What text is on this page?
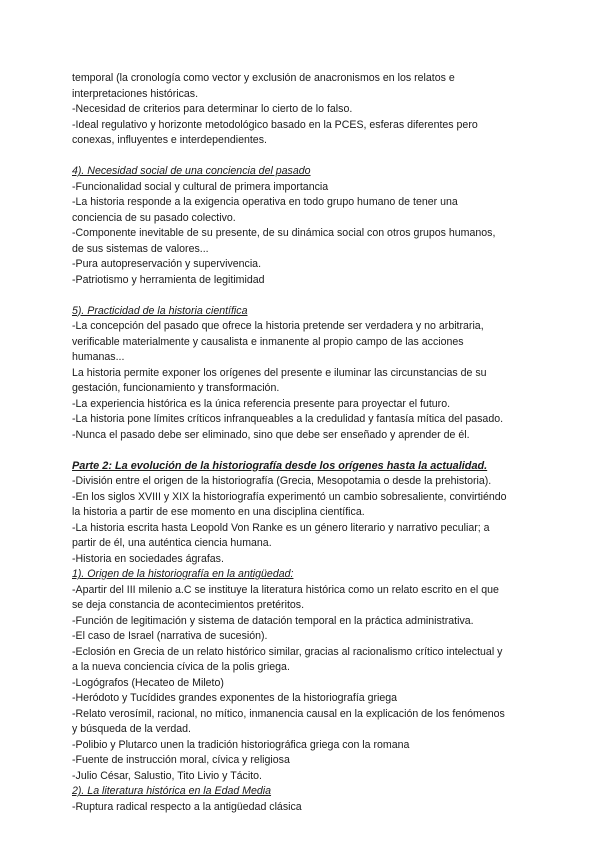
temporal (la cronología como vector y exclusión de anacronismos en los relatos e
interpretaciones históricas.
-Necesidad de criterios para determinar lo cierto de lo falso.
-Ideal regulativo y horizonte metodológico basado en la PCES, esferas diferentes pero
conexas, influyentes e interdependientes.
4). Necesidad social de una conciencia del pasado
-Funcionalidad social y cultural de primera importancia
-La historia responde a la exigencia operativa en todo grupo humano de tener una
conciencia de su pasado colectivo.
-Componente inevitable de su presente, de su dinámica social con otros grupos humanos,
de sus sistemas de valores...
-Pura autopreservación y supervivencia.
-Patriotismo y herramienta de legitimidad
5). Practicidad de la historia científica
-La concepción del pasado que ofrece la historia pretende ser verdadera y no arbitraria,
verificable materialmente y causalista e inmanente al propio campo de las acciones
humanas...
La historia permite exponer los orígenes del presente e iluminar las circunstancias de su
gestación, funcionamiento y transformación.
-La experiencia histórica es la única referencia presente para proyectar el futuro.
-La historia pone límites críticos infranqueables a la credulidad y fantasía mítica del pasado.
-Nunca el pasado debe ser eliminado, sino que debe ser enseñado y aprender de él.
Parte 2: La evolución de la historiografía desde los orígenes hasta la actualidad.
-División entre el origen de la historiografía (Grecia, Mesopotamia o desde la prehistoria).
-En los siglos XVIII y XIX la historiografía experimentó un cambio sobresaliente, convirtiéndo
la historia a partir de ese momento en una disciplina científica.
-La historia escrita hasta Leopold Von Ranke es un género literario y narrativo peculiar; a
partir de él, una auténtica ciencia humana.
-Historia en sociedades ágrafas.
1). Origen de la historiografía en la antigüedad:
-Apartir del III milenio a.C se instituye la literatura histórica como un relato escrito en el que
se deja constancia de acontecimientos pretéritos.
-Función de legitimación y sistema de datación temporal en la práctica administrativa.
-El caso de Israel (narrativa de sucesión).
-Eclosión en Grecia de un relato histórico similar, gracias al racionalismo crítico intelectual y
a la nueva conciencia cívica de la polis griega.
-Logógrafos (Hecateo de Mileto)
-Heródoto y Tucídides grandes exponentes de la historiografía griega
-Relato verosímil, racional, no mítico, inmanencia causal en la explicación de los fenómenos
y búsqueda de la verdad.
-Polibio y Plutarco unen la tradición historiográfica griega con la romana
-Fuente de instrucción moral, cívica y religiosa
-Julio César, Salustio, Tito Livio y Tácito.
2). La literatura histórica en la Edad Media
-Ruptura radical respecto a la antigüedad clásica
